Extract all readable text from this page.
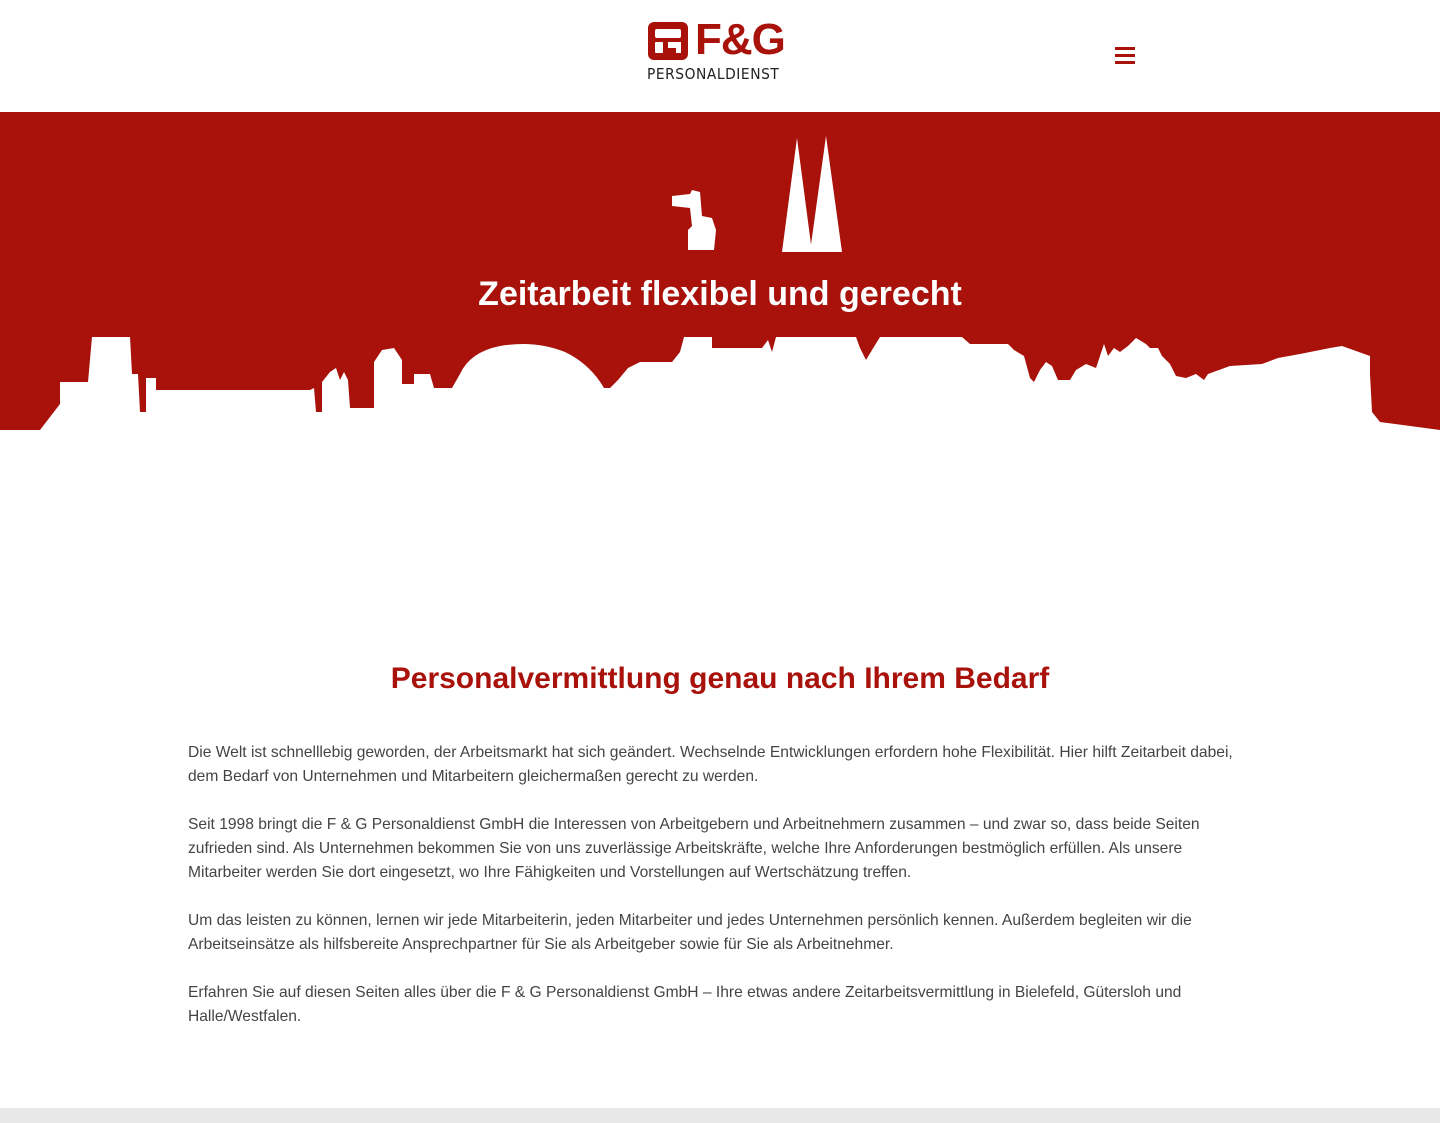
F&G
PERSONALDIENST
Zeitarbeit flexibel und gerecht
Personalvermittlung genau nach Ihrem Bedarf

Die Welt ist schnelllebig geworden, der Arbeitsmarkt hat sich geändert. Wechselnde Entwicklungen erfordern hohe Flexibilität. Hier hilft Zeitarbeit dabei, dem Bedarf von Unternehmen und Mitarbeitern gleichermaßen gerecht zu werden.

Seit 1998 bringt die F & G Personaldienst GmbH die Interessen von Arbeitgebern und Arbeitnehmern zusammen – und zwar so, dass beide Seiten zufrieden sind. Als Unternehmen bekommen Sie von uns zuverlässige Arbeitskräfte, welche Ihre Anforderungen bestmöglich erfüllen. Als unsere Mitarbeiter werden Sie dort eingesetzt, wo Ihre Fähigkeiten und Vorstellungen auf Wertschätzung treffen.

Um das leisten zu können, lernen wir jede Mitarbeiterin, jeden Mitarbeiter und jedes Unternehmen persönlich kennen. Außerdem begleiten wir die Arbeitseinsätze als hilfsbereite Ansprechpartner für Sie als Arbeitgeber sowie für Sie als Arbeitnehmer.

Erfahren Sie auf diesen Seiten alles über die F & G Personaldienst GmbH – Ihre etwas andere Zeitarbeitsvermittlung in Bielefeld, Gütersloh und Halle/Westfalen.
